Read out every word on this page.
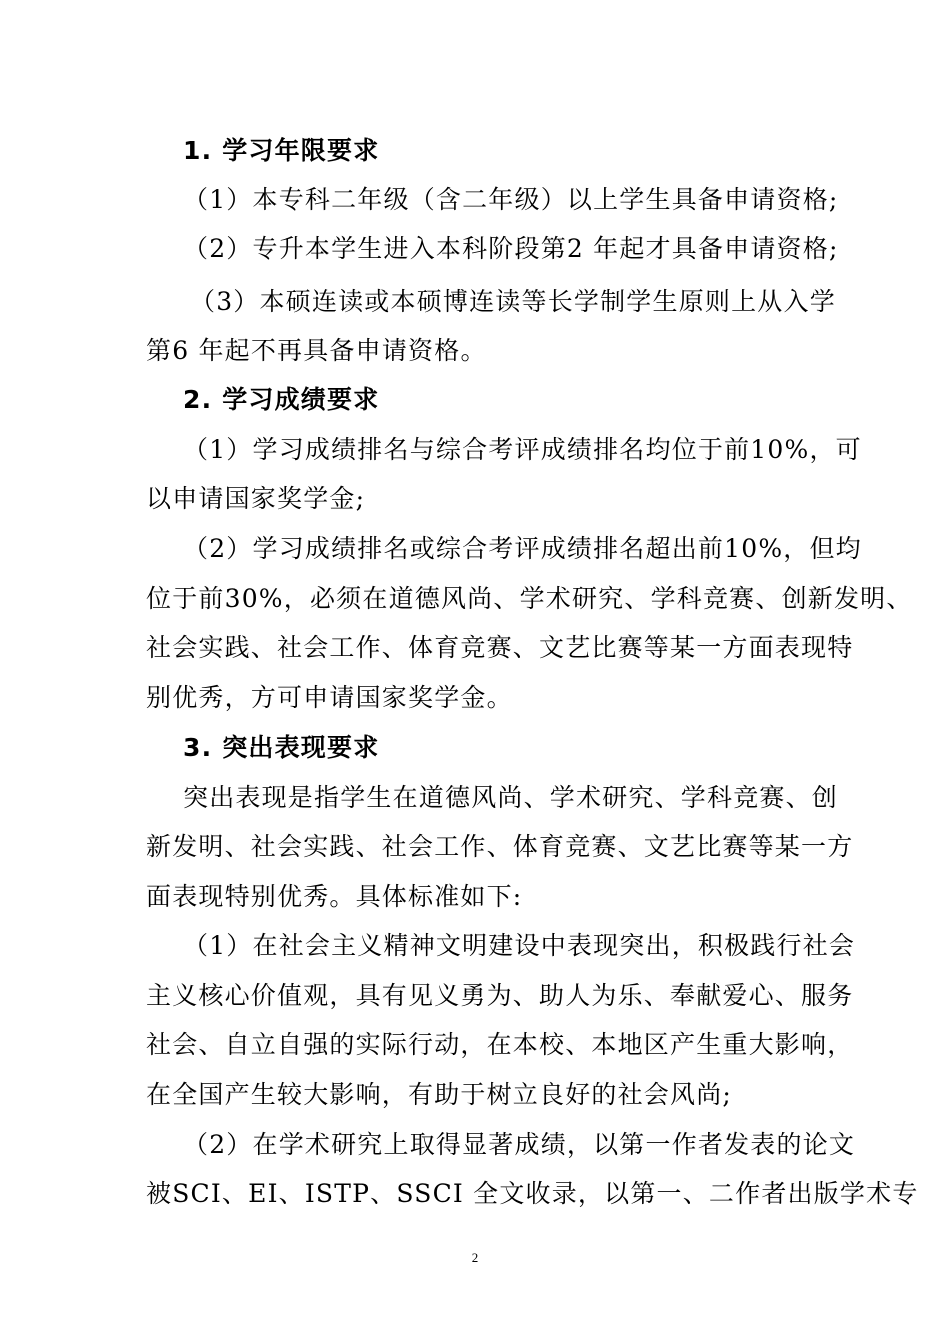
1. 学习年限要求
（1）本专科二年级（含二年级）以上学生具备申请资格;
（2）专升本学生进入本科阶段第2 年起才具备申请资格;
（3）本硕连读或本硕博连读等长学制学生原则上从入学
第6 年起不再具备申请资格。
2. 学习成绩要求
（1）学习成绩排名与综合考评成绩排名均位于前10%，可
以申请国家奖学金;
（2）学习成绩排名或综合考评成绩排名超出前10%，但均
位于前30%，必须在道德风尚、学术研究、学科竞赛、创新发明、
社会实践、社会工作、体育竞赛、文艺比赛等某一方面表现特
别优秀，方可申请国家奖学金。
3. 突出表现要求
突出表现是指学生在道德风尚、学术研究、学科竞赛、创
新发明、社会实践、社会工作、体育竞赛、文艺比赛等某一方
面表现特别优秀。具体标准如下:
（1）在社会主义精神文明建设中表现突出，积极践行社会
主义核心价值观，具有见义勇为、助人为乐、奉献爱心、服务
社会、自立自强的实际行动，在本校、本地区产生重大影响，
在全国产生较大影响，有助于树立良好的社会风尚;
（2）在学术研究上取得显著成绩，以第一作者发表的论文
被SCI、EI、ISTP、SSCI 全文收录，以第一、二作者出版学术专
2
